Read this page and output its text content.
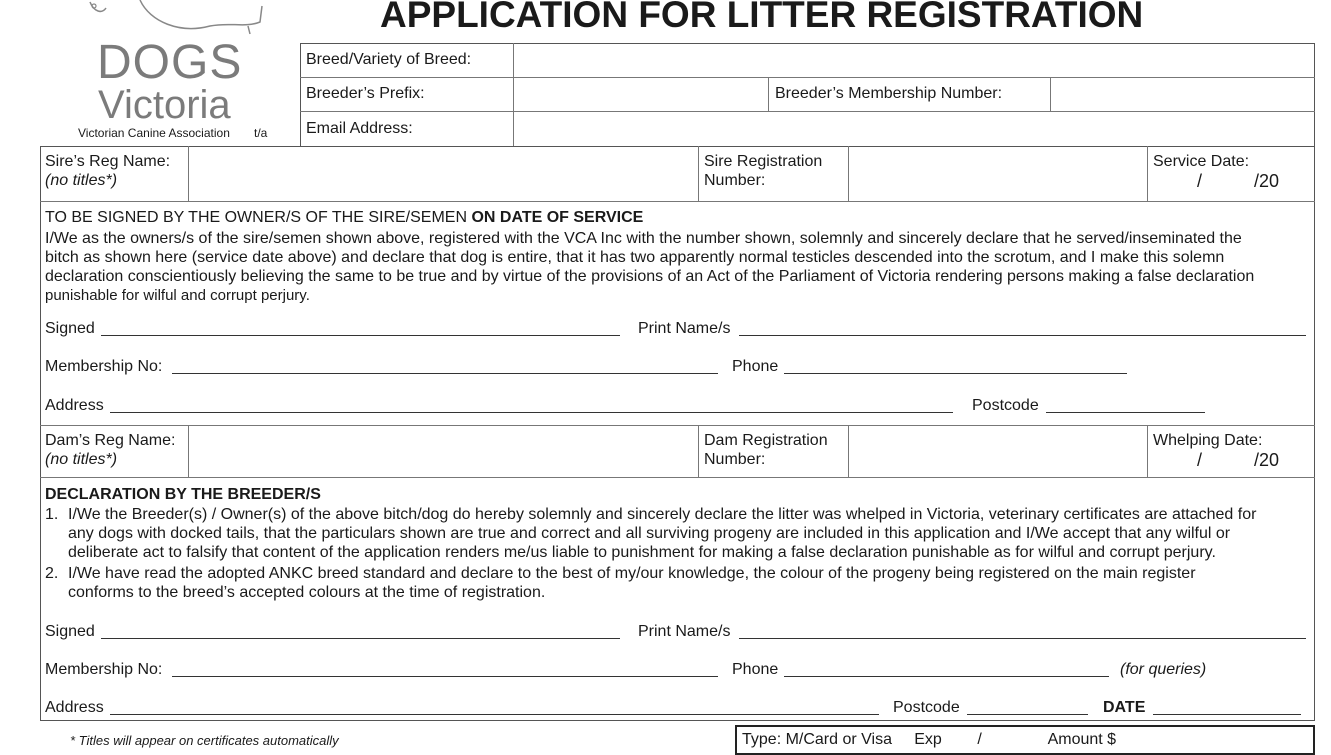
DOGS
Victoria
Victorian Canine Association t/a
APPLICATION FOR LITTER REGISTRATION
Breed/Variety of Breed:
Breeder’s Prefix:	Breeder’s Membership Number:
Email Address:
Sire’s Reg Name:
(no titles*)
Sire Registration
Number:
Service Date:
/	/20
TO BE SIGNED BY THE OWNER/S OF THE SIRE/SEMEN ON DATE OF SERVICE
I/We as the owners/s of the sire/semen shown above, registered with the VCA Inc with the number shown, solemnly and sincerely declare that he served/inseminated the
bitch as shown here (service date above) and declare that dog is entire, that it has two apparently normal testicles descended into the scrotum, and I make this solemn
declaration conscientiously believing the same to be true and by virtue of the provisions of an Act of the Parliament of Victoria rendering persons making a false declaration
punishable for wilful and corrupt perjury.
Signed	Print Name/s
Membership No:	Phone
Address	Postcode
Dam’s Reg Name:
(no titles*)
Dam Registration
Number:
Whelping Date:
/	/20
DECLARATION BY THE BREEDER/S
1. I/We the Breeder(s) / Owner(s) of the above bitch/dog do hereby solemnly and sincerely declare the litter was whelped in Victoria, veterinary certificates are attached for
any dogs with docked tails, that the particulars shown are true and correct and all surviving progeny are included in this application and I/We accept that any wilful or
deliberate act to falsify that content of the application renders me/us liable to punishment for making a false declaration punishable as for wilful and corrupt perjury.
2. I/We have read the adopted ANKC breed standard and declare to the best of my/our knowledge, the colour of the progeny being registered on the main register
conforms to the breed’s accepted colours at the time of registration.
Signed	Print Name/s
Membership No:	Phone	(for queries)
Address	Postcode	DATE
* Titles will appear on certificates automatically	Type: M/Card or Visa     Exp        /               Amount $
